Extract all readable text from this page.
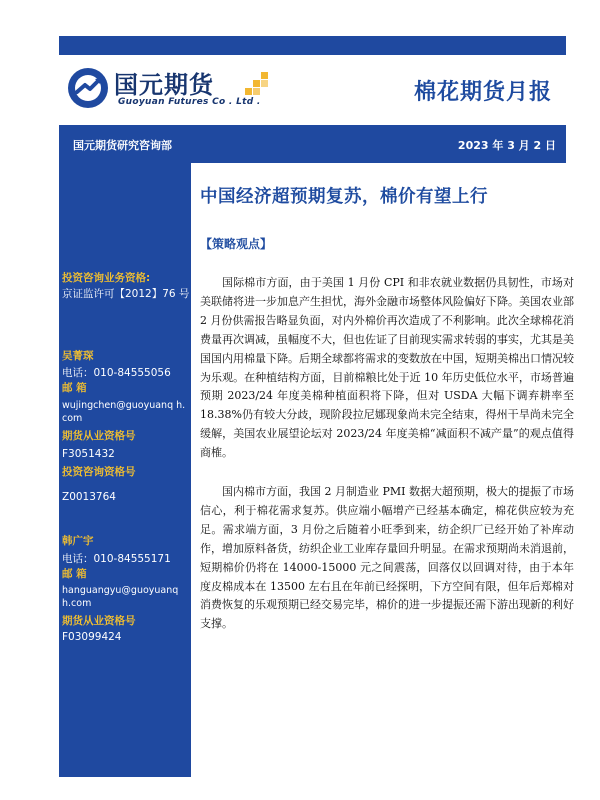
国元期货
Guoyuan Futures Co . Ltd .	棉花期货月报
国元期货研究咨询部	2023 年 3 月 2 日
投资咨询业务资格:
京证监许可【2012】76 号
吴菁琛
电话：010-84555056
邮 箱
wujingchen@guoyuanq h.com
期货从业资格号
F3051432
投资咨询资格号
Z0013764
韩广宇
电话：010-84555171
邮 箱
hanguangyu@guoyuanq h.com
期货从业资格号
F03099424
中国经济超预期复苏，棉价有望上行
【策略观点】

国际棉市方面，由于美国 1 月份 CPI 和非农就业数据仍具韧性，市场对美联储将进一步加息产生担忧，海外金融市场整体风险偏好下降。美国农业部 2 月份供需报告略显负面，对内外棉价再次造成了不利影响。此次全球棉花消费量再次调减，虽幅度不大，但也佐证了目前现实需求转弱的事实，尤其是美国国内用棉量下降。后期全球都将需求的变数放在中国，短期美棉出口情况较为乐观。在种植结构方面，目前棉粮比处于近 10 年历史低位水平，市场普遍预期 2023/24 年度美棉种植面积将下降，但对 USDA 大幅下调弃耕率至 18.38%仍有较大分歧，现阶段拉尼娜现象尚未完全结束，得州干旱尚未完全缓解，美国农业展望论坛对 2023/24 年度美棉“减面积不减产量”的观点值得商榷。

国内棉市方面，我国 2 月制造业 PMI 数据大超预期，极大的提振了市场信心，利于棉花需求复苏。供应端小幅增产已经基本确定，棉花供应较为充足。需求端方面，3 月份之后随着小旺季到来，纺企织厂已经开始了补库动作，增加原料备货，纺织企业工业库存量回升明显。在需求预期尚未消退前，短期棉价仍将在 14000-15000 元之间震荡，回落仅以回调对待，由于本年度皮棉成本在 13500 左右且在年前已经探明，下方空间有限，但年后郑棉对消费恢复的乐观预期已经交易完毕，棉价的进一步提振还需下游出现新的利好支撑。
